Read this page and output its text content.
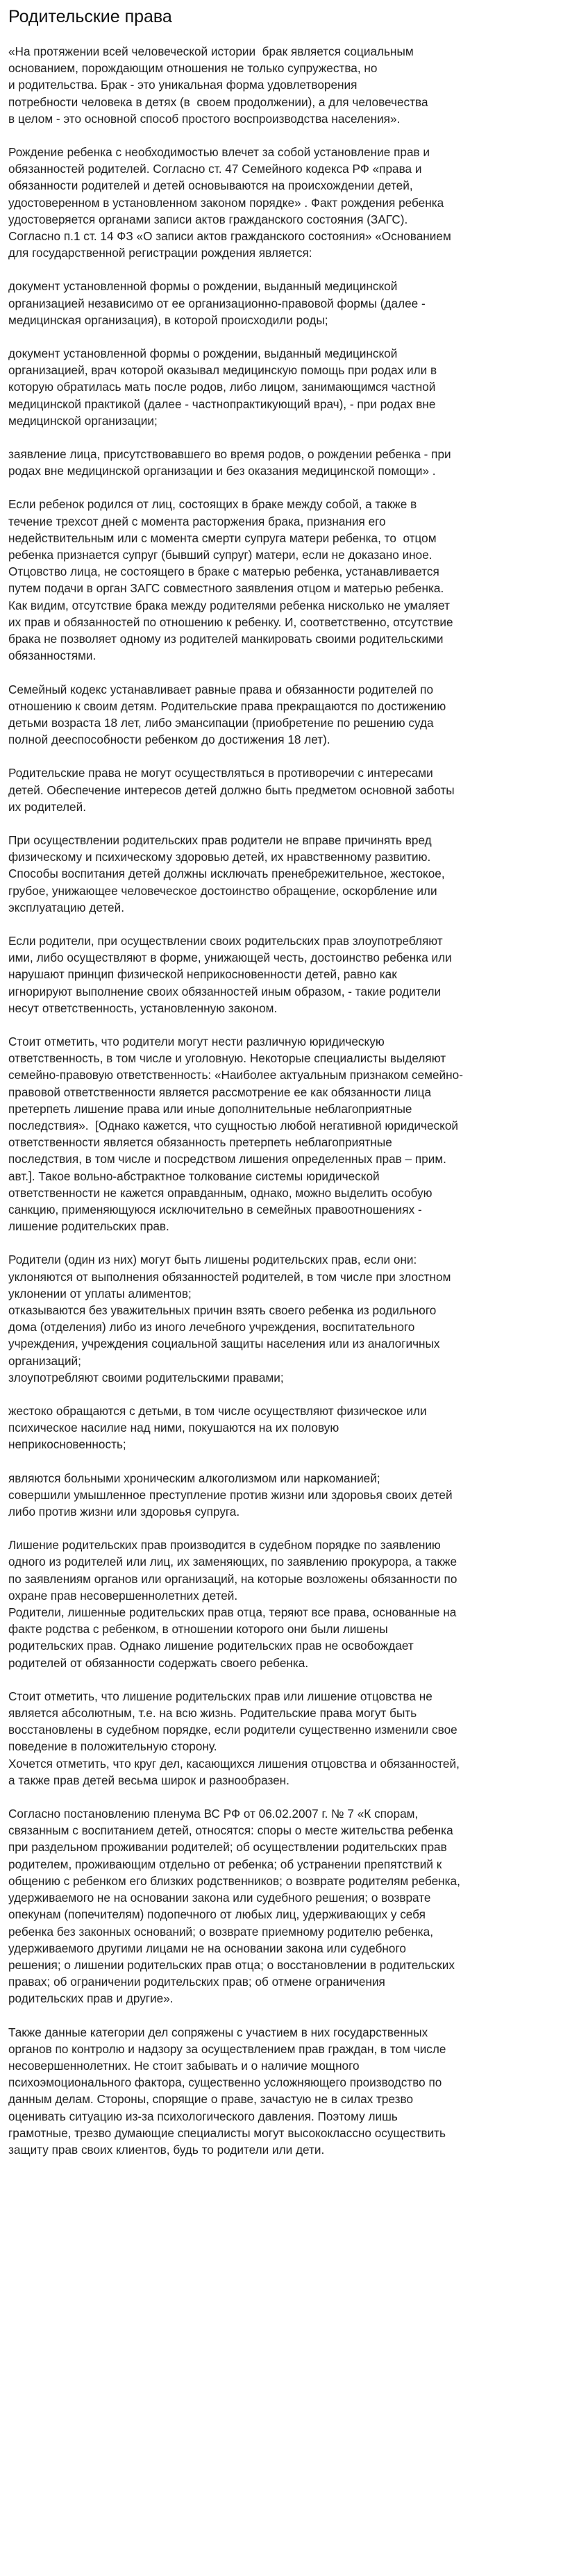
Родительские права
«На протяжении всей человеческой истории  брак является социальным
основанием, порождающим отношения не только супружества, но
и родительства. Брак - это уникальная форма удовлетворения
потребности человека в детях (в  своем продолжении), а для человечества
в целом - это основной способ простого воспроизводства населения».
Рождение ребенка с необходимостью влечет за собой установление прав и
обязанностей родителей. Согласно ст. 47 Семейного кодекса РФ «права и
обязанности родителей и детей основываются на происхождении детей,
удостоверенном в установленном законом порядке» . Факт рождения ребенка
удостоверяется органами записи актов гражданского состояния (ЗАГС).
Согласно п.1 ст. 14 ФЗ «О записи актов гражданского состояния» «Основанием
для государственной регистрации рождения является:
документ установленной формы о рождении, выданный медицинской
организацией независимо от ее организационно-правовой формы (далее -
медицинская организация), в которой происходили роды;
документ установленной формы о рождении, выданный медицинской
организацией, врач которой оказывал медицинскую помощь при родах или в
которую обратилась мать после родов, либо лицом, занимающимся частной
медицинской практикой (далее - частнопрактикующий врач), - при родах вне
медицинской организации;
заявление лица, присутствовавшего во время родов, о рождении ребенка - при
родах вне медицинской организации и без оказания медицинской помощи» .
Если ребенок родился от лиц, состоящих в браке между собой, а также в
течение трехсот дней с момента расторжения брака, признания его
недействительным или с момента смерти супруга матери ребенка, то  отцом
ребенка признается супруг (бывший супруг) матери, если не доказано иное.
Отцовство лица, не состоящего в браке с матерью ребенка, устанавливается
путем подачи в орган ЗАГС совместного заявления отцом и матерью ребенка.
Как видим, отсутствие брака между родителями ребенка нисколько не умаляет
их прав и обязанностей по отношению к ребенку. И, соответственно, отсутствие
брака не позволяет одному из родителей манкировать своими родительскими
обязанностями.
Семейный кодекс устанавливает равные права и обязанности родителей по
отношению к своим детям. Родительские права прекращаются по достижению
детьми возраста 18 лет, либо эмансипации (приобретение по решению суда
полной дееспособности ребенком до достижения 18 лет).
Родительские права не могут осуществляться в противоречии с интересами
детей. Обеспечение интересов детей должно быть предметом основной заботы
их родителей.
При осуществлении родительских прав родители не вправе причинять вред
физическому и психическому здоровью детей, их нравственному развитию.
Способы воспитания детей должны исключать пренебрежительное, жестокое,
грубое, унижающее человеческое достоинство обращение, оскорбление или
эксплуатацию детей.
Если родители, при осуществлении своих родительских прав злоупотребляют
ими, либо осуществляют в форме, унижающей честь, достоинство ребенка или
нарушают принцип физической неприкосновенности детей, равно как
игнорируют выполнение своих обязанностей иным образом, - такие родители
несут ответственность, установленную законом.
Стоит отметить, что родители могут нести различную юридическую
ответственность, в том числе и уголовную. Некоторые специалисты выделяют
семейно-правовую ответственность: «Наиболее актуальным признаком семейно-
правовой ответственности является рассмотрение ее как обязанности лица
претерпеть лишение права или иные дополнительные неблагоприятные
последствия».  [Однако кажется, что сущностью любой негативной юридической
ответственности является обязанность претерпеть неблагоприятные
последствия, в том числе и посредством лишения определенных прав – прим.
авт.]. Такое вольно-абстрактное толкование системы юридической
ответственности не кажется оправданным, однако, можно выделить особую
санкцию, применяющуюся исключительно в семейных правоотношениях -
лишение родительских прав.
Родители (один из них) могут быть лишены родительских прав, если они:
уклоняются от выполнения обязанностей родителей, в том числе при злостном
уклонении от уплаты алиментов;
отказываются без уважительных причин взять своего ребенка из родильного
дома (отделения) либо из иного лечебного учреждения, воспитательного
учреждения, учреждения социальной защиты населения или из аналогичных
организаций;
злоупотребляют своими родительскими правами;
жестоко обращаются с детьми, в том числе осуществляют физическое или
психическое насилие над ними, покушаются на их половую
неприкосновенность;
являются больными хроническим алкоголизмом или наркоманией;
совершили умышленное преступление против жизни или здоровья своих детей
либо против жизни или здоровья супруга.
Лишение родительских прав производится в судебном порядке по заявлению
одного из родителей или лиц, их заменяющих, по заявлению прокурора, а также
по заявлениям органов или организаций, на которые возложены обязанности по
охране прав несовершеннолетних детей.
Родители, лишенные родительских прав отца, теряют все права, основанные на
факте родства с ребенком, в отношении которого они были лишены
родительских прав. Однако лишение родительских прав не освобождает
родителей от обязанности содержать своего ребенка.
Стоит отметить, что лишение родительских прав или лишение отцовства не
является абсолютным, т.е. на всю жизнь. Родительские права могут быть
восстановлены в судебном порядке, если родители существенно изменили свое
поведение в положительную сторону.
Хочется отметить, что круг дел, касающихся лишения отцовства и обязанностей,
а также прав детей весьма широк и разнообразен.
Согласно постановлению пленума ВС РФ от 06.02.2007 г. № 7 «К спорам,
связанным с воспитанием детей, относятся: споры о месте жительства ребенка
при раздельном проживании родителей; об осуществлении родительских прав
родителем, проживающим отдельно от ребенка; об устранении препятствий к
общению с ребенком его близких родственников; о возврате родителям ребенка,
удерживаемого не на основании закона или судебного решения; о возврате
опекунам (попечителям) подопечного от любых лиц, удерживающих у себя
ребенка без законных оснований; о возврате приемному родителю ребенка,
удерживаемого другими лицами не на основании закона или судебного
решения; о лишении родительских прав отца; о восстановлении в родительских
правах; об ограничении родительских прав; об отмене ограничения
родительских прав и другие».
Также данные категории дел сопряжены с участием в них государственных
органов по контролю и надзору за осуществлением прав граждан, в том числе
несовершеннолетних. Не стоит забывать и о наличие мощного
психоэмоционального фактора, существенно усложняющего производство по
данным делам. Стороны, спорящие о праве, зачастую не в силах трезво
оценивать ситуацию из-за психологического давления. Поэтому лишь
грамотные, трезво думающие специалисты могут высококлассно осуществить
защиту прав своих клиентов, будь то родители или дети.
